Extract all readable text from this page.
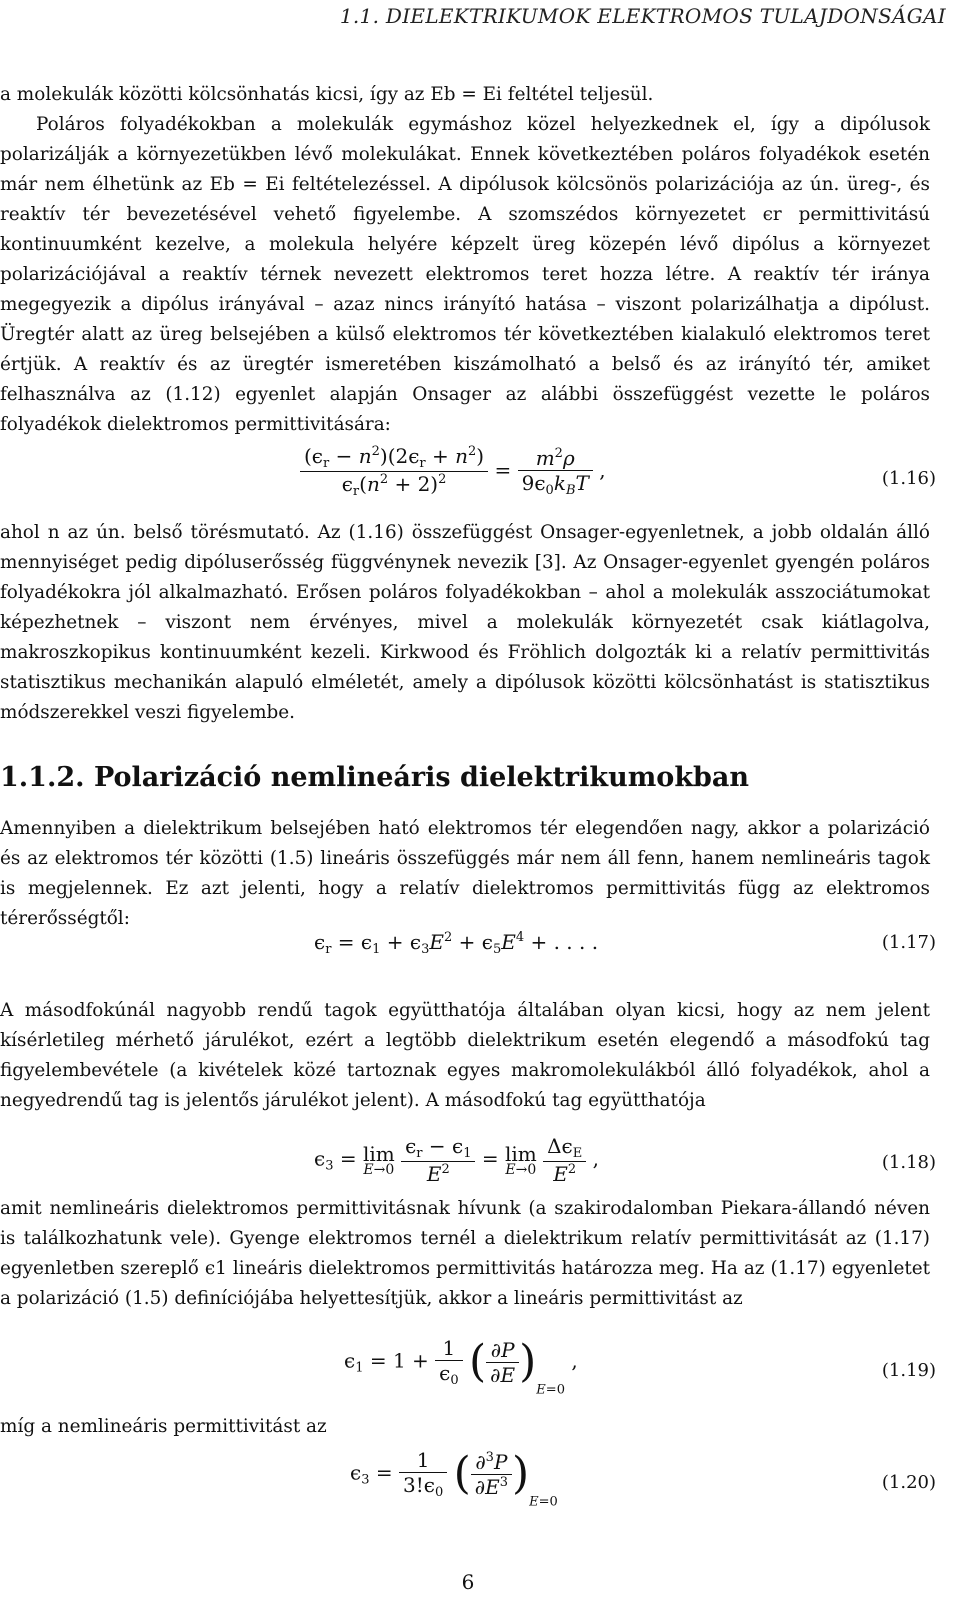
1.1. DIELEKTRIKUMOK ELEKTROMOS TULAJDONSÁGAI

a molekulák közötti kölcsönhatás kicsi, így az Eb = Ei feltétel teljesül.

Poláros folyadékokban a molekulák egymáshoz közel helyezkednek el, így a dipólusok polarizálják a környezetükben lévő molekulákat. Ennek következtében poláros folyadékok esetén már nem élhetünk az Eb = Ei feltételezéssel. A dipólusok kölcsönös polarizációja az ún. üreg-, és reaktív tér bevezetésével vehető figyelembe. A szomszédos környezetet ϵr permittivitású kontinuumként kezelve, a molekula helyére képzelt üreg közepén lévő dipólus a környezet polarizációjával a reaktív térnek nevezett elektromos teret hozza létre. A reaktív tér iránya megegyezik a dipólus irányával – azaz nincs irányító hatása – viszont polarizálhatja a dipólust. Üregtér alatt az üreg belsejében a külső elektromos tér következtében kialakuló elektromos teret értjük. A reaktív és az üregtér ismeretében kiszámolható a belső és az irányító tér, amiket felhasználva az (1.12) egyenlet alapján Onsager az alábbi összefüggést vezette le poláros folyadékok dielektromos permittivitására:

$\frac{(\epsilon_r - n^2)(2\epsilon_r + n^2)}{\epsilon_r(n^2 + 2)^2} = \frac{m^2\rho}{9\epsilon_0k_BT}$ ,	(1.16)

ahol n az ún. belső törésmutató. Az (1.16) összefüggést Onsager-egyenletnek, a jobb oldalán álló mennyiséget pedig dipóluserősség függvénynek nevezik [3]. Az Onsager-egyenlet gyengén poláros folyadékokra jól alkalmazható. Erősen poláros folyadékokban – ahol a molekulák asszociátumokat képezhetnek – viszont nem érvényes, mivel a molekulák környezetét csak kiátlagolva, makroszkopikus kontinuumként kezeli. Kirkwood és Fröhlich dolgozták ki a relatív permittivitás statisztikus mechanikán alapuló elméletét, amely a dipólusok közötti kölcsönhatást is statisztikus módszerekkel veszi figyelembe.

1.1.2. Polarizáció nemlineáris dielektrikumokban

Amennyiben a dielektrikum belsejében ható elektromos tér elegendően nagy, akkor a polarizáció és az elektromos tér közötti (1.5) lineáris összefüggés már nem áll fenn, hanem nemlineáris tagok is megjelennek. Ez azt jelenti, hogy a relatív dielektromos permittivitás függ az elektromos térerősségtől:

$\epsilon_r = \epsilon_1 + \epsilon_3E^2 + \epsilon_5E^4$ + . . . .	(1.17)

A másodfokúnál nagyobb rendű tagok együtthatója általában olyan kicsi, hogy az nem jelent kísérletileg mérhető járulékot, ezért a legtöbb dielektrikum esetén elegendő a másodfokú tag figyelembevétele (a kivételek közé tartoznak egyes makromolekulákból álló folyadékok, ahol a negyedrendű tag is jelentős járulékot jelent). A másodfokú tag együtthatója

$\epsilon_3 = \lim$
E→0
$\frac{\epsilon_r - \epsilon_1}{E^2} = \lim$
E→0
$\frac{\Delta\epsilon_E}{E^2}$ ,	(1.18)

amit nemlineáris dielektromos permittivitásnak hívunk (a szakirodalomban Piekara-állandó néven is találkozhatunk vele). Gyenge elektromos ternél a dielektrikum relatív permittivitását az (1.17) egyenletben szereplő ϵ1 lineáris dielektromos permittivitás határozza meg. Ha az (1.17) egyenletet a polarizáció (1.5) definíciójába helyettesítjük, akkor a lineáris permittivitást az

$\epsilon_1 = 1 + \frac{1}{\epsilon_0}$ ( $\frac{\partial P}{\partial E} )_{E=0}$ ,	(1.19)

míg a nemlineáris permittivitást az

$\epsilon_3 = \frac{1}{3!\epsilon_0}$ ( $\frac{\partial^3P}{\partial E^3} )_{E=0}$
(1.20)
6
